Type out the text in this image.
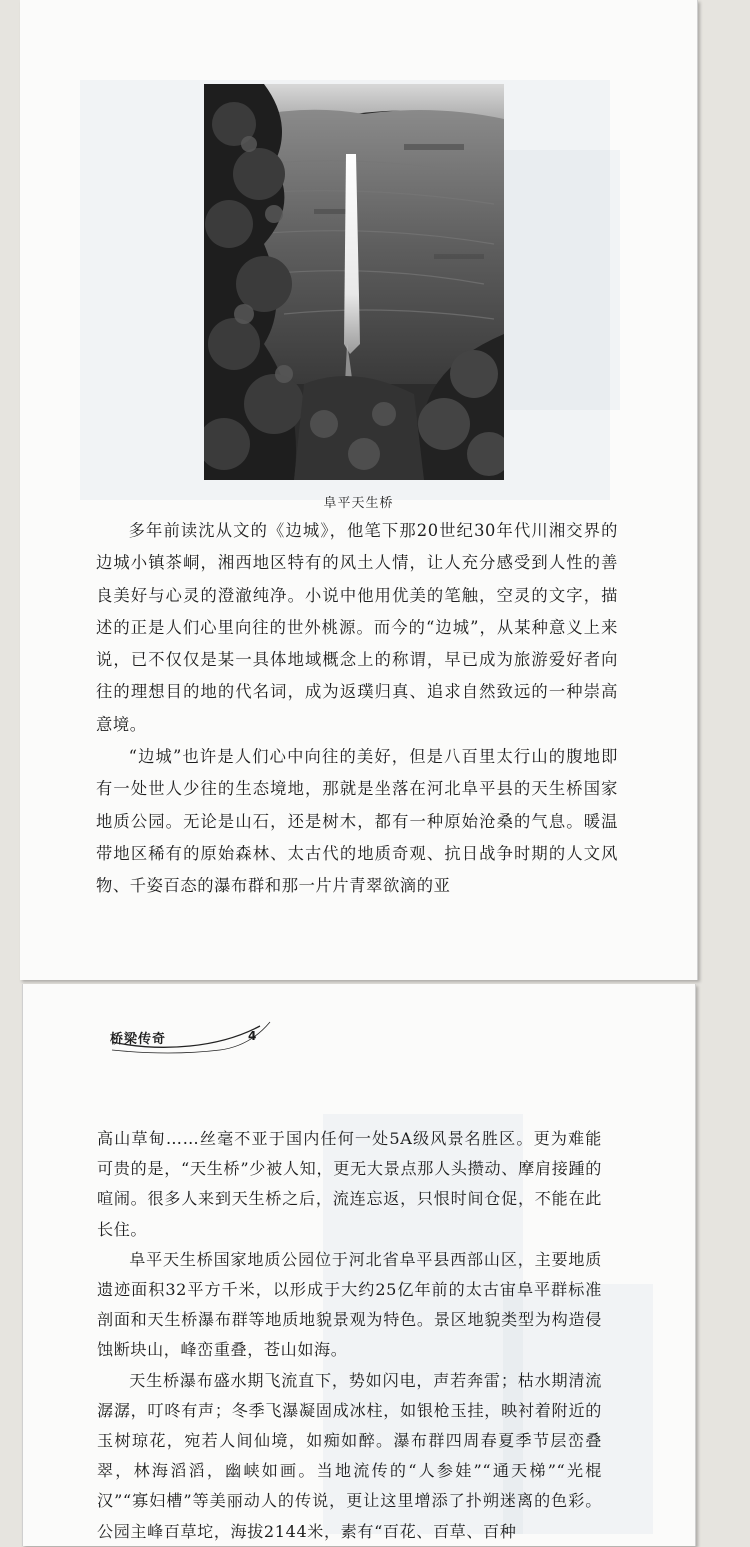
阜平天生桥

多年前读沈从文的《边城》，他笔下那20世纪30年代川湘交界的边城小镇茶峒，湘西地区特有的风土人情，让人充分感受到人性的善良美好与心灵的澄澈纯净。小说中他用优美的笔触，空灵的文字，描述的正是人们心里向往的世外桃源。而今的“边城”，从某种意义上来说，已不仅仅是某一具体地域概念上的称谓，早已成为旅游爱好者向往的理想目的地的代名词，成为返璞归真、追求自然致远的一种崇高意境。

“边城”也许是人们心中向往的美好，但是八百里太行山的腹地即有一处世人少往的生态境地，那就是坐落在河北阜平县的天生桥国家地质公园。无论是山石，还是树木，都有一种原始沧桑的气息。暖温带地区稀有的原始森林、太古代的地质奇观、抗日战争时期的人文风物、千姿百态的瀑布群和那一片片青翠欲滴的亚

桥梁传奇	4

高山草甸……丝毫不亚于国内任何一处5A级风景名胜区。更为难能可贵的是，“天生桥”少被人知，更无大景点那人头攒动、摩肩接踵的喧闹。很多人来到天生桥之后，流连忘返，只恨时间仓促，不能在此长住。

阜平天生桥国家地质公园位于河北省阜平县西部山区，主要地质遗迹面积32平方千米，以形成于大约25亿年前的太古宙阜平群标准剖面和天生桥瀑布群等地质地貌景观为特色。景区地貌类型为构造侵蚀断块山，峰峦重叠，苍山如海。

天生桥瀑布盛水期飞流直下，势如闪电，声若奔雷；枯水期清流潺潺，叮咚有声；冬季飞瀑凝固成冰柱，如银枪玉挂，映衬着附近的玉树琼花，宛若人间仙境，如痴如醉。瀑布群四周春夏季节层峦叠翠，林海滔滔，幽峡如画。当地流传的“人参娃”“通天梯”“光棍汉”“寡妇槽”等美丽动人的传说，更让这里增添了扑朔迷离的色彩。公园主峰百草坨，海拔2144米，素有“百花、百草、百种
